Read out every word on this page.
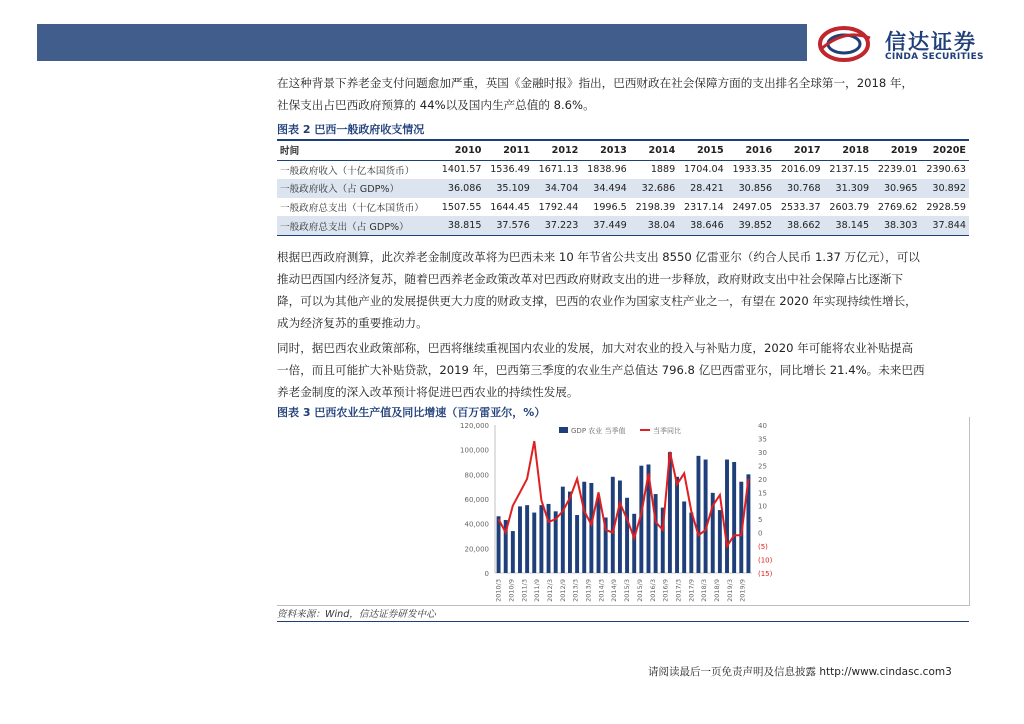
信达证券
CINDA SECURITIES
在这种背景下养老金支付问题愈加严重，英国《金融时报》指出，巴西财政在社会保障方面的支出排名全球第一，2018 年，
社保支出占巴西政府预算的 44%以及国内生产总值的 8.6%。
图表 2 巴西一般政府收支情况
时间	2010	2011	2012	2013	2014	2015	2016	2017	2018	2019	2020E
一般政府收入（十亿本国货币）	1401.57	1536.49	1671.13	1838.96	1889	1704.04	1933.35	2016.09	2137.15	2239.01	2390.63
一般政府收入（占 GDP%）	36.086	35.109	34.704	34.494	32.686	28.421	30.856	30.768	31.309	30.965	30.892
一般政府总支出（十亿本国货币）	1507.55	1644.45	1792.44	1996.5	2198.39	2317.14	2497.05	2533.37	2603.79	2769.62	2928.59
一般政府总支出（占 GDP%）	38.815	37.576	37.223	37.449	38.04	38.646	39.852	38.662	38.145	38.303	37.844
根据巴西政府测算，此次养老金制度改革将为巴西未来 10 年节省公共支出 8550 亿雷亚尔（约合人民币 1.37 万亿元），可以
推动巴西国内经济复苏，随着巴西养老金政策改革对巴西政府财政支出的进一步释放，政府财政支出中社会保障占比逐渐下
降，可以为其他产业的发展提供更大力度的财政支撑，巴西的农业作为国家支柱产业之一，有望在 2020 年实现持续性增长，
成为经济复苏的重要推动力。
同时，据巴西农业政策部称，巴西将继续重视国内农业的发展，加大对农业的投入与补贴力度，2020 年可能将农业补贴提高
一倍，而且可能扩大补贴贷款，2019 年，巴西第三季度的农业生产总值达 796.8 亿巴西雷亚尔，同比增长 21.4%。未来巴西
养老金制度的深入改革预计将促进巴西农业的持续性发展。
图表 3 巴西农业生产值及同比增速（百万雷亚尔，%）
120,000
100,000
80,000
60,000
40,000
20,000
0
40
35
30
25
20
15
10
5
0
(5)
(10)
(15)
2010/3 2010/9 2011/3 2011/9 2012/3 2012/9 2013/3 2013/9 2014/3 2014/9 2015/3 2015/9 2016/3 2016/9 2017/3 2017/9 2018/3 2018/9 2019/3 2019/9
GDP 农业 当季值	当季同比
资料来源：Wind，信达证券研发中心
请阅读最后一页免责声明及信息披露 http://www.cindasc.com3
